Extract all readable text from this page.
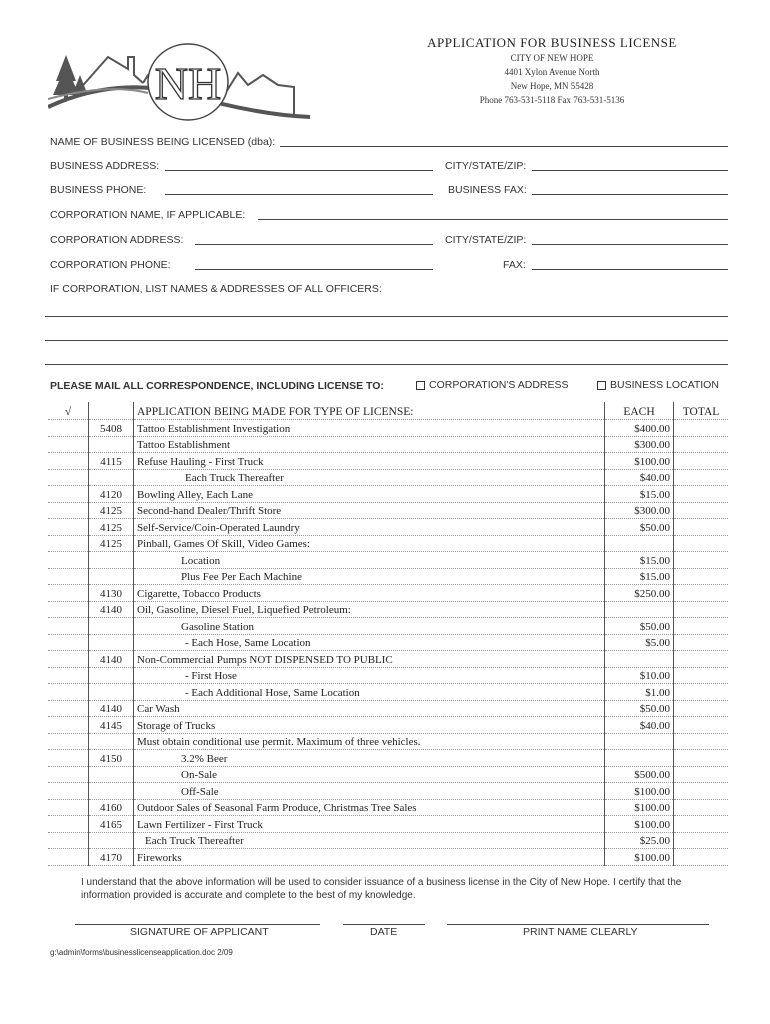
NH
APPLICATION FOR BUSINESS LICENSE
CITY OF NEW HOPE
4401 Xylon Avenue North
New Hope, MN 55428
Phone 763-531-5118 Fax 763-531-5136
NAME OF BUSINESS BEING LICENSED (dba):
BUSINESS ADDRESS:	CITY/STATE/ZIP:
BUSINESS PHONE:	BUSINESS FAX:
CORPORATION NAME, IF APPLICABLE:
CORPORATION ADDRESS:	CITY/STATE/ZIP:
CORPORATION PHONE:	FAX:
IF CORPORATION, LIST NAMES & ADDRESSES OF ALL OFFICERS:
PLEASE MAIL ALL CORRESPONDENCE, INCLUDING LICENSE TO:	CORPORATION'S ADDRESS	BUSINESS LOCATION
√		APPLICATION BEING MADE FOR TYPE OF LICENSE:	EACH	TOTAL
	5408	Tattoo Establishment Investigation	$400.00	
		Tattoo Establishment	$300.00	
	4115	Refuse Hauling - First Truck	$100.00	
		Each Truck Thereafter	$40.00	
	4120	Bowling Alley, Each Lane	$15.00	
	4125	Second-hand Dealer/Thrift Store	$300.00	
	4125	Self-Service/Coin-Operated Laundry	$50.00	
	4125	Pinball, Games Of Skill, Video Games:		
		Location	$15.00	
		Plus Fee Per Each Machine	$15.00	
	4130	Cigarette, Tobacco Products	$250.00	
	4140	Oil, Gasoline, Diesel Fuel, Liquefied Petroleum:		
		Gasoline Station	$50.00	
		- Each Hose, Same Location	$5.00	
	4140	Non-Commercial Pumps NOT DISPENSED TO PUBLIC		
		- First Hose	$10.00	
		- Each Additional Hose, Same Location	$1.00	
	4140	Car Wash	$50.00	
	4145	Storage of Trucks	$40.00	
		Must obtain conditional use permit. Maximum of three vehicles.		
	4150	3.2% Beer		
		On-Sale	$500.00	
		Off-Sale	$100.00	
	4160	Outdoor Sales of Seasonal Farm Produce, Christmas Tree Sales	$100.00	
	4165	Lawn Fertilizer - First Truck	$100.00	
		Each Truck Thereafter	$25.00	
	4170	Fireworks	$100.00	
I understand that the above information will be used to consider issuance of a business license in the City of New Hope. I certify that the
information provided is accurate and complete to the best of my knowledge.
SIGNATURE OF APPLICANT	DATE	PRINT NAME CLEARLY
g:\admin\forms\businesslicenseapplication.doc 2/09
